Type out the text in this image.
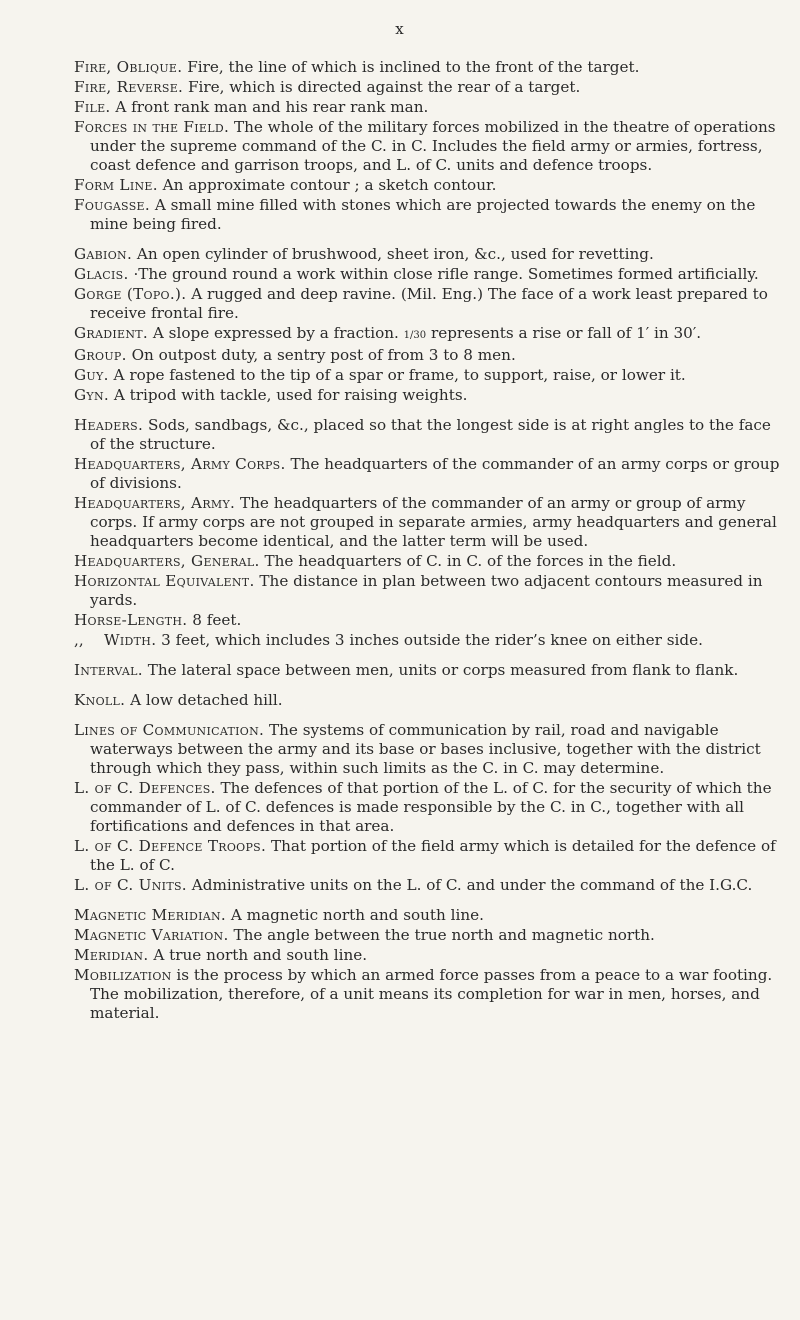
x

Fire, Oblique. Fire, the line of which is inclined to the front of the target.

Fire, Reverse. Fire, which is directed against the rear of a target.

File. A front rank man and his rear rank man.

Forces in the Field. The whole of the military forces mobilized in the theatre of operations under the supreme command of the C. in C. Includes the field army or armies, fortress, coast defence and garrison troops, and L. of C. units and defence troops.

Form Line. An approximate contour ; a sketch contour.

Fougasse. A small mine filled with stones which are projected towards the enemy on the mine being fired.

Gabion. An open cylinder of brushwood, sheet iron, &c., used for revetting.

Glacis. ·The ground round a work within close rifle range. Sometimes formed artificially.

Gorge (Topo.). A rugged and deep ravine. (Mil. Eng.) The face of a work least prepared to receive frontal fire.

Gradient. A slope expressed by a fraction. 1/30 represents a rise or fall of 1′ in 30′.

Group. On outpost duty, a sentry post of from 3 to 8 men.

Guy. A rope fastened to the tip of a spar or frame, to support, raise, or lower it.

Gyn. A tripod with tackle, used for raising weights.

Headers. Sods, sandbags, &c., placed so that the longest side is at right angles to the face of the structure.

Headquarters, Army Corps. The headquarters of the commander of an army corps or group of divisions.

Headquarters, Army. The headquarters of the commander of an army or group of army corps. If army corps are not grouped in separate armies, army headquarters and general headquarters become identical, and the latter term will be used.

Headquarters, General. The headquarters of C. in C. of the forces in the field.

Horizontal Equivalent. The distance in plan between two adjacent contours measured in yards.

Horse-Length. 8 feet.

,, Width. 3 feet, which includes 3 inches outside the rider’s knee on either side.

Interval. The lateral space between men, units or corps measured from flank to flank.

Knoll. A low detached hill.

Lines of Communication. The systems of communication by rail, road and navigable waterways between the army and its base or bases inclusive, together with the district through which they pass, within such limits as the C. in C. may determine.

L. of C. Defences. The defences of that portion of the L. of C. for the security of which the commander of L. of C. defences is made responsible by the C. in C., together with all fortifications and defences in that area.

L. of C. Defence Troops. That portion of the field army which is detailed for the defence of the L. of C.

L. of C. Units. Administrative units on the L. of C. and under the command of the I.G.C.

Magnetic Meridian. A magnetic north and south line.

Magnetic Variation. The angle between the true north and magnetic north.

Meridian. A true north and south line.

Mobilization is the process by which an armed force passes from a peace to a war footing. The mobilization, therefore, of a unit means its completion for war in men, horses, and material.
